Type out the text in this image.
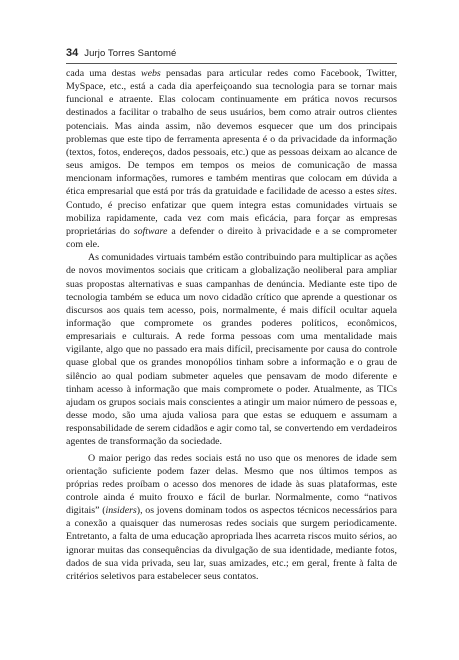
34 Jurjo Torres Santomé

cada uma destas webs pensadas para articular redes como Facebook, Twitter, MySpace, etc., está a cada dia aperfeiçoando sua tecnologia para se tornar mais funcional e atraente. Elas colocam continuamente em prática novos recursos destinados a facilitar o trabalho de seus usuários, bem como atrair outros clientes potenciais. Mas ainda assim, não devemos esquecer que um dos principais problemas que este tipo de ferramenta apresenta é o da privacidade da informação (textos, fotos, endereços, dados pessoais, etc.) que as pessoas deixam ao alcance de seus amigos. De tempos em tempos os meios de comunicação de massa mencionam informações, rumores e também mentiras que colocam em dúvida a ética empresarial que está por trás da gratuidade e facilidade de acesso a estes sites. Contudo, é preciso enfatizar que quem integra estas comunidades virtuais se mobiliza rapidamente, cada vez com mais eficácia, para forçar as empresas proprietárias do software a defender o direito à privacidade e a se comprometer com ele.

As comunidades virtuais também estão contribuindo para multiplicar as ações de novos movimentos sociais que criticam a globalização neoliberal para ampliar suas propostas alternativas e suas campanhas de denúncia. Mediante este tipo de tecnologia também se educa um novo cidadão crítico que aprende a questionar os discursos aos quais tem acesso, pois, normalmente, é mais difícil ocultar aquela informação que compromete os grandes poderes políticos, econômicos, empresariais e culturais. A rede forma pessoas com uma mentalidade mais vigilante, algo que no passado era mais difícil, precisamente por causa do controle quase global que os grandes monopólios tinham sobre a informação e o grau de silêncio ao qual podiam submeter aqueles que pensavam de modo diferente e tinham acesso à informação que mais compromete o poder. Atualmente, as TICs ajudam os grupos sociais mais conscientes a atingir um maior número de pessoas e, desse modo, são uma ajuda valiosa para que estas se eduquem e assumam a responsabilidade de serem cidadãos e agir como tal, se convertendo em verdadeiros agentes de transformação da sociedade.

O maior perigo das redes sociais está no uso que os menores de idade sem orientação suficiente podem fazer delas. Mesmo que nos últimos tempos as próprias redes proíbam o acesso dos menores de idade às suas plataformas, este controle ainda é muito frouxo e fácil de burlar. Normalmente, como “nativos digitais” (insiders), os jovens dominam todos os aspectos técnicos necessários para a conexão a quaisquer das numerosas redes sociais que surgem periodicamente. Entretanto, a falta de uma educação apropriada lhes acarreta riscos muito sérios, ao ignorar muitas das consequências da divulgação de sua identidade, mediante fotos, dados de sua vida privada, seu lar, suas amizades, etc.; em geral, frente à falta de critérios seletivos para estabelecer seus contatos.
